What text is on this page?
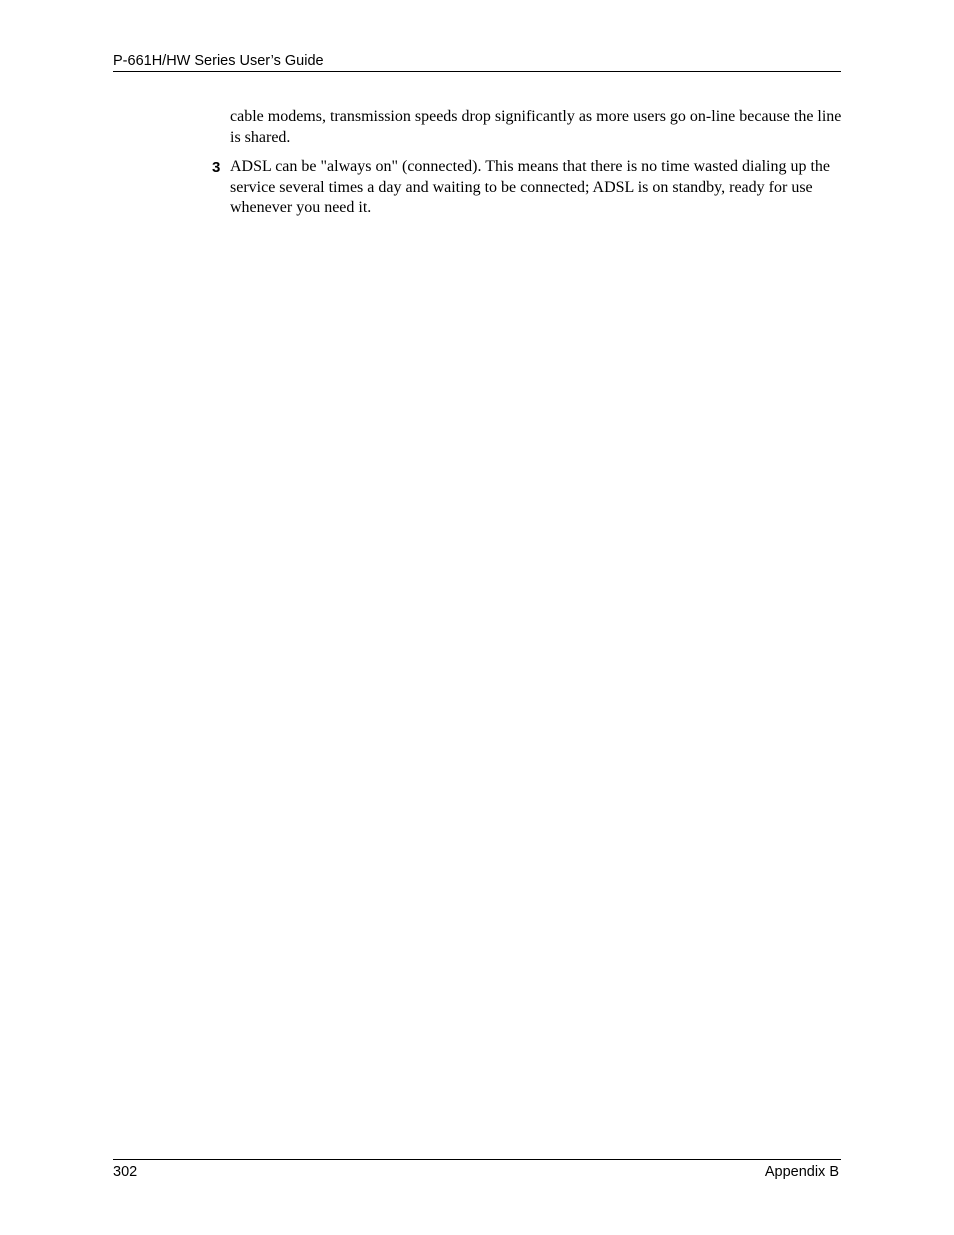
P-661H/HW Series User’s Guide

cable modems, transmission speeds drop significantly as more users go on-line because the line is shared.

3 ADSL can be "always on" (connected). This means that there is no time wasted dialing up the service several times a day and waiting to be connected; ADSL is on standby, ready for use whenever you need it.

302	Appendix B
